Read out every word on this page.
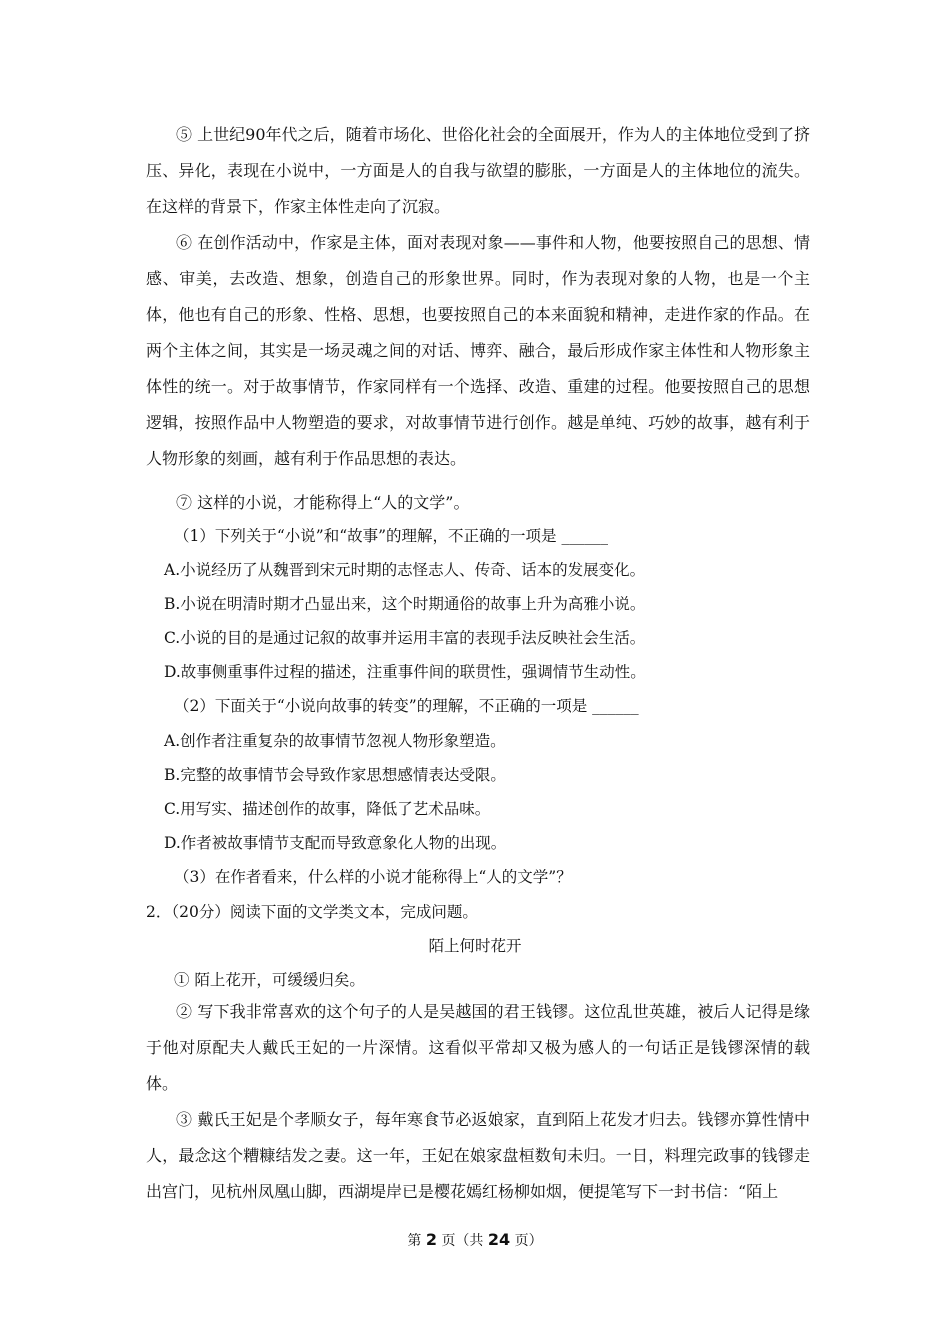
⑤ 上世纪90年代之后，随着市场化、世俗化社会的全面展开，作为人的主体地位受到了挤压、异化，表现在小说中，一方面是人的自我与欲望的膨胀，一方面是人的主体地位的流失。在这样的背景下，作家主体性走向了沉寂。
⑥ 在创作活动中，作家是主体，面对表现对象——事件和人物，他要按照自己的思想、情感、审美，去改造、想象，创造自己的形象世界。同时，作为表现对象的人物，也是一个主体，他也有自己的形象、性格、思想，也要按照自己的本来面貌和精神，走进作家的作品。在两个主体之间，其实是一场灵魂之间的对话、博弈、融合，最后形成作家主体性和人物形象主体性的统一。对于故事情节，作家同样有一个选择、改造、重建的过程。他要按照自己的思想逻辑，按照作品中人物塑造的要求，对故事情节进行创作。越是单纯、巧妙的故事，越有利于人物形象的刻画，越有利于作品思想的表达。
⑦ 这样的小说，才能称得上“人的文学”。
（1）下列关于“小说”和“故事”的理解，不正确的一项是 ______
A.小说经历了从魏晋到宋元时期的志怪志人、传奇、话本的发展变化。
B.小说在明清时期才凸显出来，这个时期通俗的故事上升为高雅小说。
C.小说的目的是通过记叙的故事并运用丰富的表现手法反映社会生活。
D.故事侧重事件过程的描述，注重事件间的联贯性，强调情节生动性。
（2）下面关于“小说向故事的转变”的理解，不正确的一项是 ______
A.创作者注重复杂的故事情节忽视人物形象塑造。
B.完整的故事情节会导致作家思想感情表达受限。
C.用写实、描述创作的故事，降低了艺术品味。
D.作者被故事情节支配而导致意象化人物的出现。
（3）在作者看来，什么样的小说才能称得上“人的文学”？
2．（20分）阅读下面的文学类文本，完成问题。
陌上何时花开
① 陌上花开，可缓缓归矣。
② 写下我非常喜欢的这个句子的人是吴越国的君王钱镠。这位乱世英雄，被后人记得是缘于他对原配夫人戴氏王妃的一片深情。这看似平常却又极为感人的一句话正是钱镠深情的载体。
③ 戴氏王妃是个孝顺女子，每年寒食节必返娘家，直到陌上花发才归去。钱镠亦算性情中人，最念这个糟糠结发之妻。这一年，王妃在娘家盘桓数旬未归。一日，料理完政事的钱镠走出宫门，见杭州凤凰山脚，西湖堤岸已是樱花嫣红杨柳如烟，便提笔写下一封书信：“陌上
第 2 页（共 24 页）
